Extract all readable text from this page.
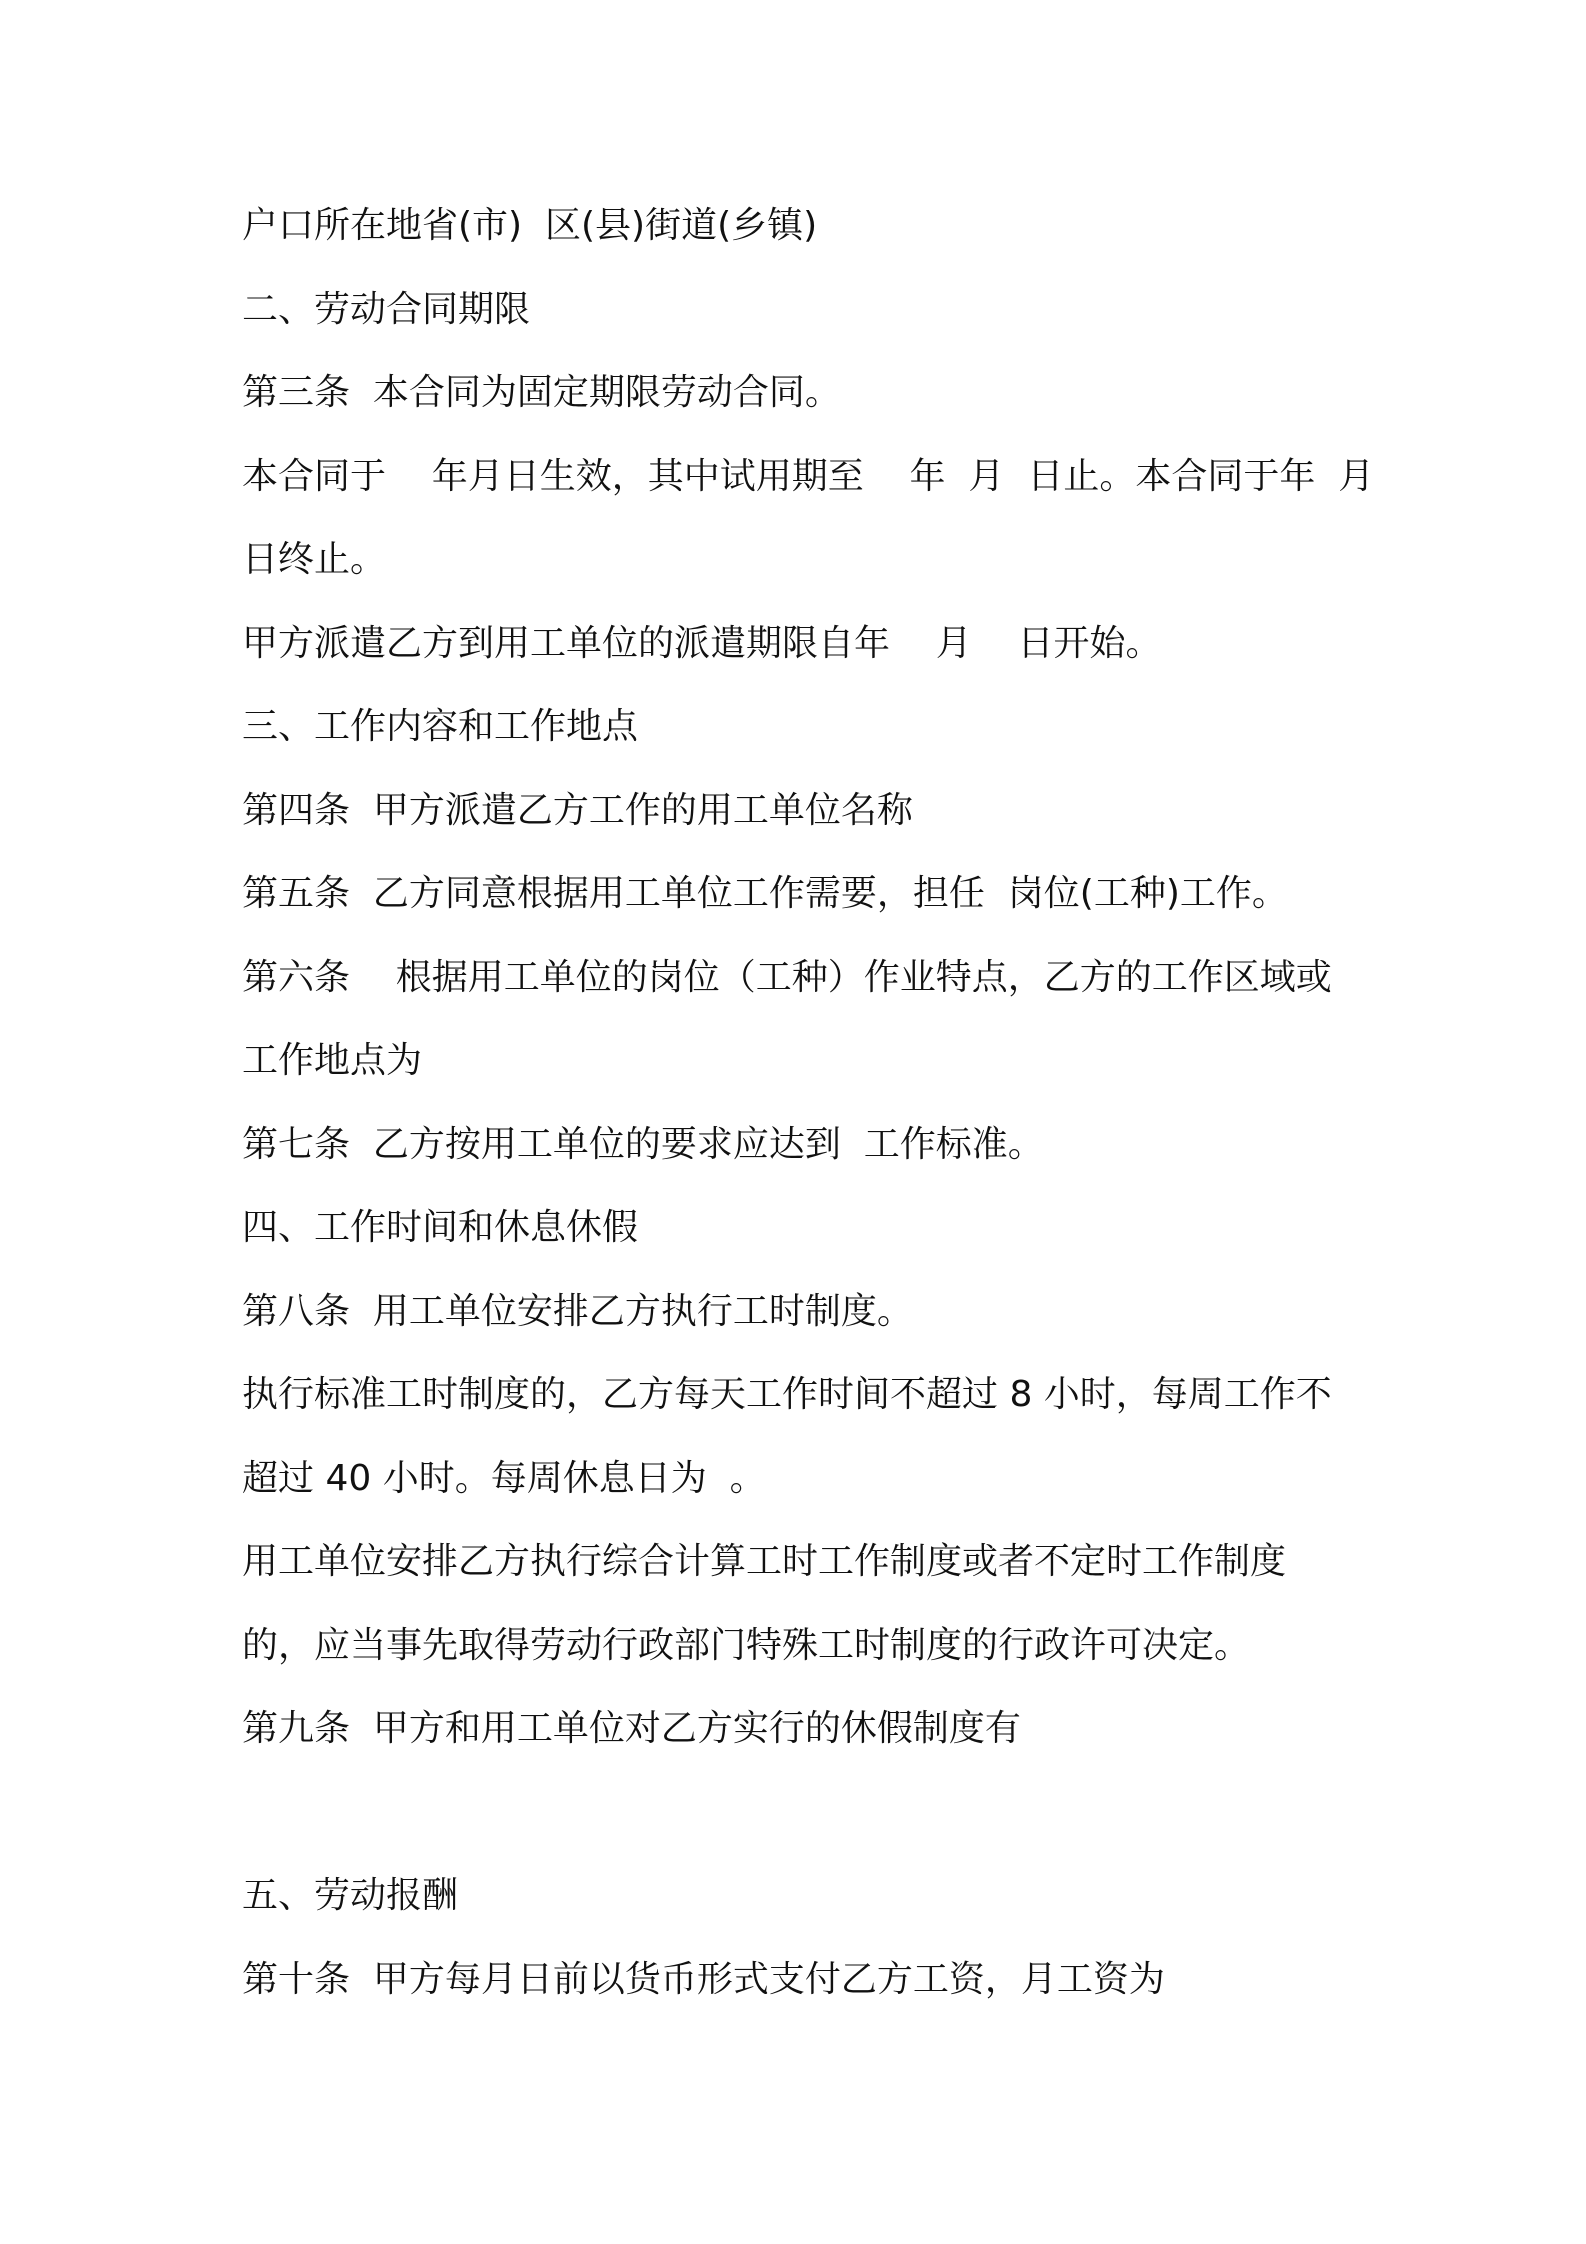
户口所在地省(市)  区(县)街道(乡镇)
二、劳动合同期限
第三条  本合同为固定期限劳动合同。
本合同于    年月日生效，其中试用期至    年  月  日止。本合同于年  月
日终止。
甲方派遣乙方到用工单位的派遣期限自年    月    日开始。
三、工作内容和工作地点
第四条  甲方派遣乙方工作的用工单位名称
第五条  乙方同意根据用工单位工作需要，担任  岗位(工种)工作。
第六条    根据用工单位的岗位（工种）作业特点，乙方的工作区域或
工作地点为
第七条  乙方按用工单位的要求应达到  工作标准。
四、工作时间和休息休假
第八条  用工单位安排乙方执行工时制度。
执行标准工时制度的，乙方每天工作时间不超过 8 小时，每周工作不
超过 40 小时。每周休息日为  。
用工单位安排乙方执行综合计算工时工作制度或者不定时工作制度
的，应当事先取得劳动行政部门特殊工时制度的行政许可决定。
第九条  甲方和用工单位对乙方实行的休假制度有
五、劳动报酬
第十条  甲方每月日前以货币形式支付乙方工资，月工资为
